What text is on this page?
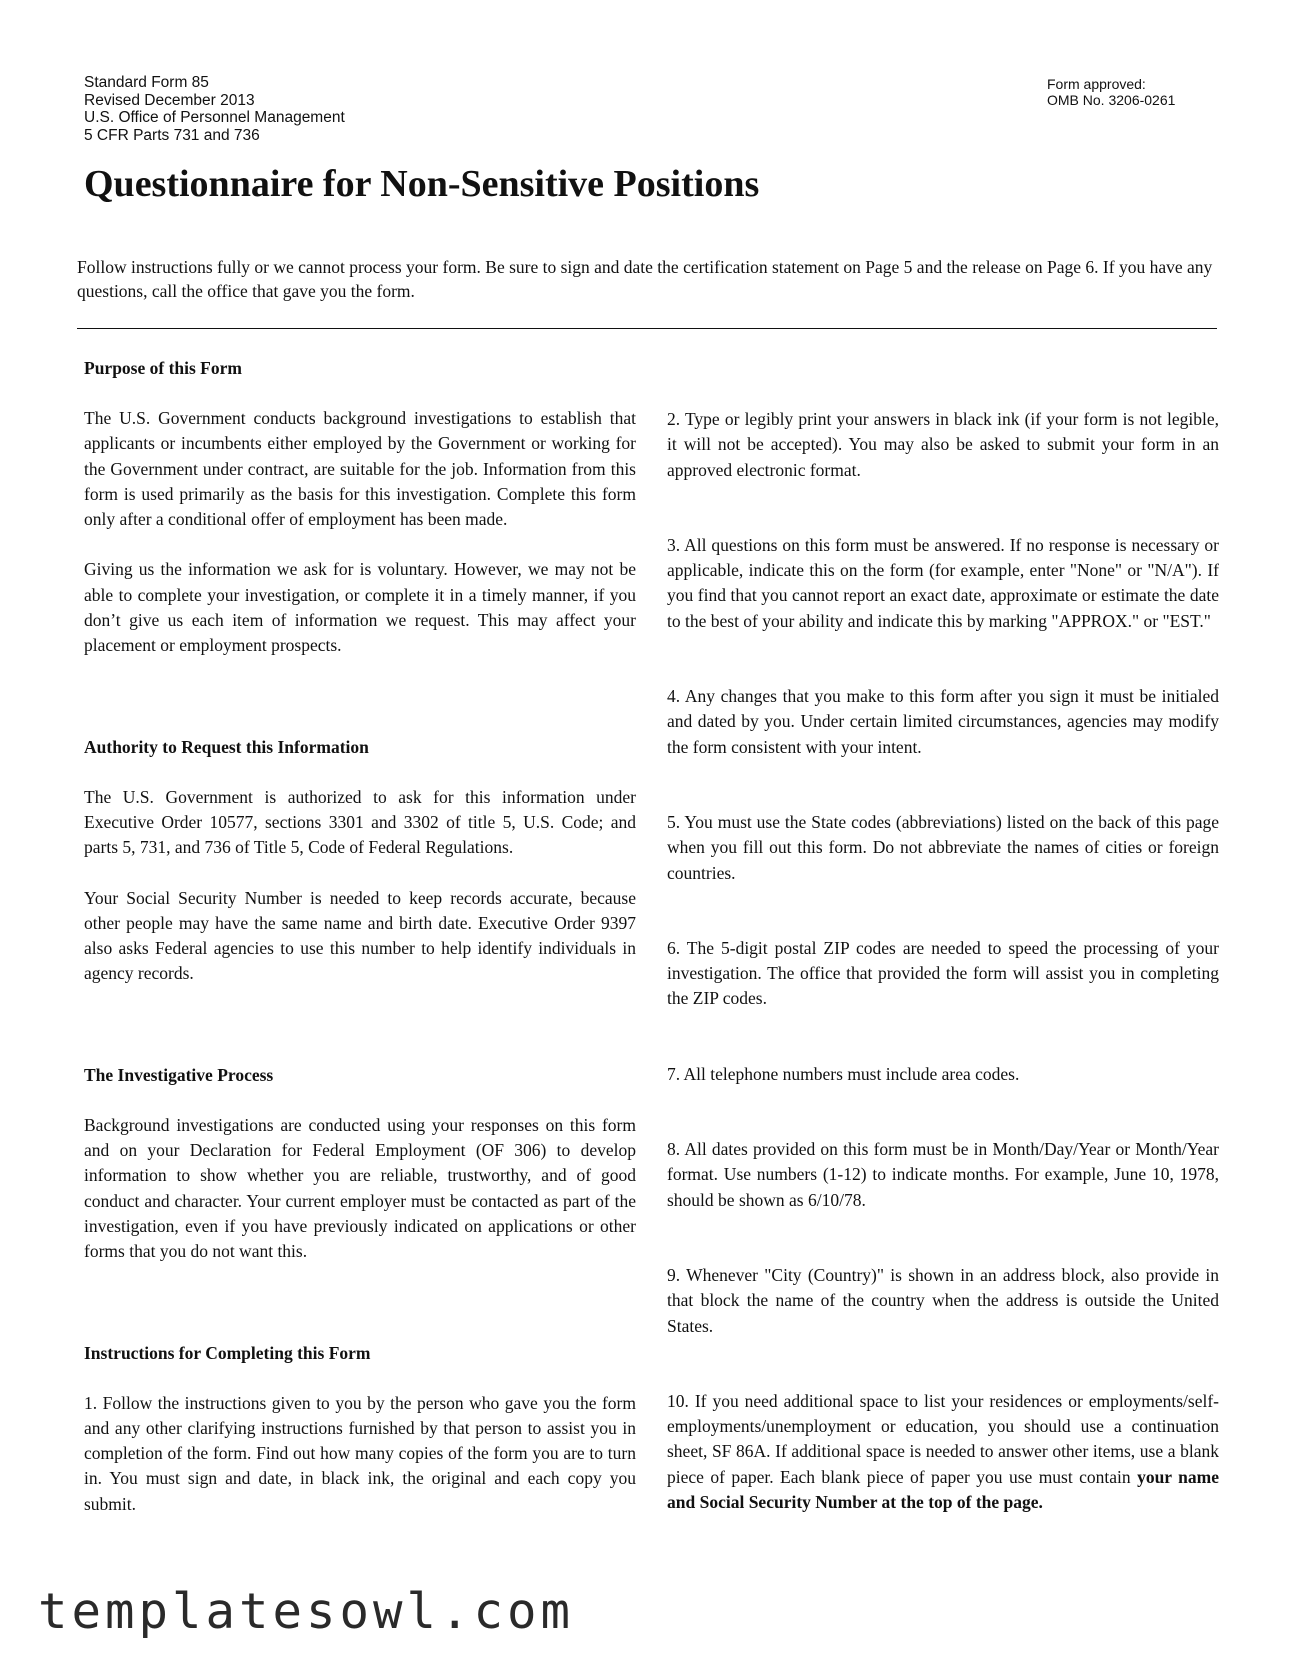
Standard Form 85
Revised December 2013
U.S. Office of Personnel Management
5 CFR Parts 731 and 736
Form approved:
OMB No. 3206-0261
Questionnaire for Non-Sensitive Positions

Follow instructions fully or we cannot process your form. Be sure to sign and date the certification statement on Page 5 and the release on Page 6. If you have any questions, call the office that gave you the form.

Purpose of this Form

The U.S. Government conducts background investigations to establish that applicants or incumbents either employed by the Government or working for the Government under contract, are suitable for the job. Information from this form is used primarily as the basis for this investigation. Complete this form only after a conditional offer of employment has been made.

Giving us the information we ask for is voluntary. However, we may not be able to complete your investigation, or complete it in a timely manner, if you don’t give us each item of information we request. This may affect your placement or employment prospects.

Authority to Request this Information

The U.S. Government is authorized to ask for this information under Executive Order 10577, sections 3301 and 3302 of title 5, U.S. Code; and parts 5, 731, and 736 of Title 5, Code of Federal Regulations.

Your Social Security Number is needed to keep records accurate, because other people may have the same name and birth date. Executive Order 9397 also asks Federal agencies to use this number to help identify individuals in agency records.

The Investigative Process

Background investigations are conducted using your responses on this form and on your Declaration for Federal Employment (OF 306) to develop information to show whether you are reliable, trustworthy, and of good conduct and character. Your current employer must be contacted as part of the investigation, even if you have previously indicated on applications or other forms that you do not want this.

Instructions for Completing this Form

1. Follow the instructions given to you by the person who gave you the form and any other clarifying instructions furnished by that person to assist you in completion of the form. Find out how many copies of the form you are to turn in. You must sign and date, in black ink, the original and each copy you submit.

2. Type or legibly print your answers in black ink (if your form is not legible, it will not be accepted). You may also be asked to submit your form in an approved electronic format.

3. All questions on this form must be answered. If no response is necessary or applicable, indicate this on the form (for example, enter "None" or "N/A"). If you find that you cannot report an exact date, approximate or estimate the date to the best of your ability and indicate this by marking "APPROX." or "EST."

4. Any changes that you make to this form after you sign it must be initialed and dated by you. Under certain limited circumstances, agencies may modify the form consistent with your intent.

5. You must use the State codes (abbreviations) listed on the back of this page when you fill out this form. Do not abbreviate the names of cities or foreign countries.

6. The 5-digit postal ZIP codes are needed to speed the processing of your investigation. The office that provided the form will assist you in completing the ZIP codes.

7. All telephone numbers must include area codes.

8. All dates provided on this form must be in Month/Day/Year or Month/Year format. Use numbers (1-12) to indicate months. For example, June 10, 1978, should be shown as 6/10/78.

9. Whenever "City (Country)" is shown in an address block, also provide in that block the name of the country when the address is outside the United States.

10. If you need additional space to list your residences or employments/self-employments/unemployment or education, you should use a continuation sheet, SF 86A. If additional space is needed to answer other items, use a blank piece of paper. Each blank piece of paper you use must contain your name and Social Security Number at the top of the page.

templatesowl.com
